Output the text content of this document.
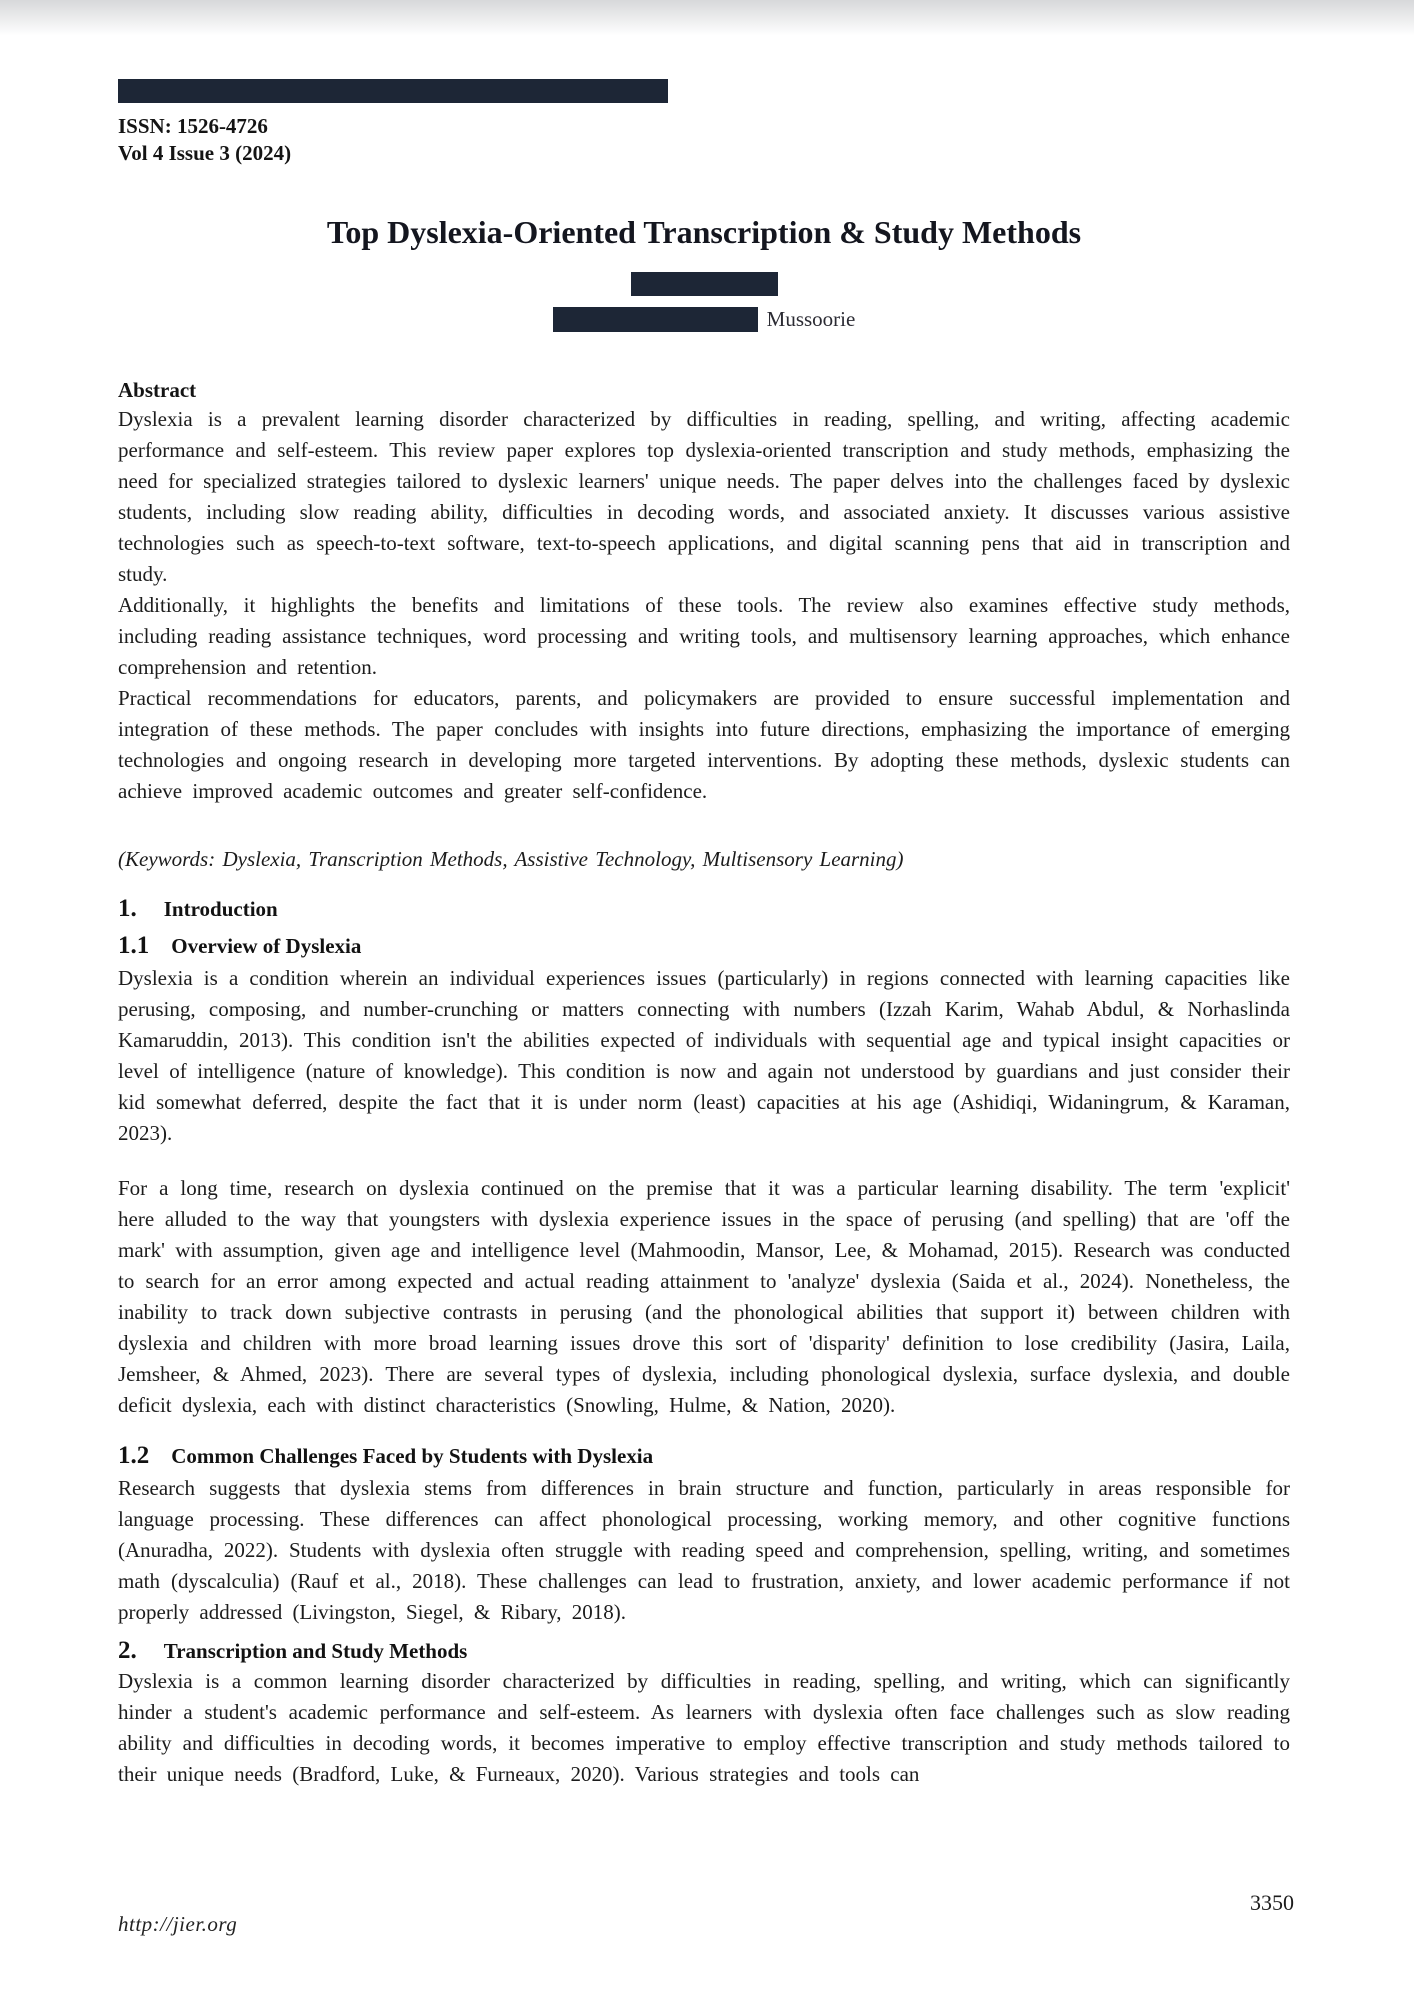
ISSN: 1526-4726
Vol 4 Issue 3 (2024)
Top Dyslexia-Oriented Transcription & Study Methods
Mussoorie
Abstract

Dyslexia is a prevalent learning disorder characterized by difficulties in reading, spelling, and writing, affecting academic performance and self-esteem. This review paper explores top dyslexia-oriented transcription and study methods, emphasizing the need for specialized strategies tailored to dyslexic learners' unique needs. The paper delves into the challenges faced by dyslexic students, including slow reading ability, difficulties in decoding words, and associated anxiety. It discusses various assistive technologies such as speech-to-text software, text-to-speech applications, and digital scanning pens that aid in transcription and study.

Additionally, it highlights the benefits and limitations of these tools. The review also examines effective study methods, including reading assistance techniques, word processing and writing tools, and multisensory learning approaches, which enhance comprehension and retention.

Practical recommendations for educators, parents, and policymakers are provided to ensure successful implementation and integration of these methods. The paper concludes with insights into future directions, emphasizing the importance of emerging technologies and ongoing research in developing more targeted interventions. By adopting these methods, dyslexic students can achieve improved academic outcomes and greater self-confidence.

(Keywords: Dyslexia, Transcription Methods, Assistive Technology, Multisensory Learning)
1. Introduction
1.1 Overview of Dyslexia

Dyslexia is a condition wherein an individual experiences issues (particularly) in regions connected with learning capacities like perusing, composing, and number-crunching or matters connecting with numbers (Izzah Karim, Wahab Abdul, & Norhaslinda Kamaruddin, 2013). This condition isn't the abilities expected of individuals with sequential age and typical insight capacities or level of intelligence (nature of knowledge). This condition is now and again not understood by guardians and just consider their kid somewhat deferred, despite the fact that it is under norm (least) capacities at his age (Ashidiqi, Widaningrum, & Karaman, 2023).

For a long time, research on dyslexia continued on the premise that it was a particular learning disability. The term 'explicit' here alluded to the way that youngsters with dyslexia experience issues in the space of perusing (and spelling) that are 'off the mark' with assumption, given age and intelligence level (Mahmoodin, Mansor, Lee, & Mohamad, 2015). Research was conducted to search for an error among expected and actual reading attainment to 'analyze' dyslexia (Saida et al., 2024). Nonetheless, the inability to track down subjective contrasts in perusing (and the phonological abilities that support it) between children with dyslexia and children with more broad learning issues drove this sort of 'disparity' definition to lose credibility (Jasira, Laila, Jemsheer, & Ahmed, 2023). There are several types of dyslexia, including phonological dyslexia, surface dyslexia, and double deficit dyslexia, each with distinct characteristics (Snowling, Hulme, & Nation, 2020).

1.2 Common Challenges Faced by Students with Dyslexia

Research suggests that dyslexia stems from differences in brain structure and function, particularly in areas responsible for language processing. These differences can affect phonological processing, working memory, and other cognitive functions (Anuradha, 2022). Students with dyslexia often struggle with reading speed and comprehension, spelling, writing, and sometimes math (dyscalculia) (Rauf et al., 2018). These challenges can lead to frustration, anxiety, and lower academic performance if not properly addressed (Livingston, Siegel, & Ribary, 2018).

2. Transcription and Study Methods

Dyslexia is a common learning disorder characterized by difficulties in reading, spelling, and writing, which can significantly hinder a student's academic performance and self-esteem. As learners with dyslexia often face challenges such as slow reading ability and difficulties in decoding words, it becomes imperative to employ effective transcription and study methods tailored to their unique needs (Bradford, Luke, & Furneaux, 2020). Various strategies and tools can

http://jier.org
3350
